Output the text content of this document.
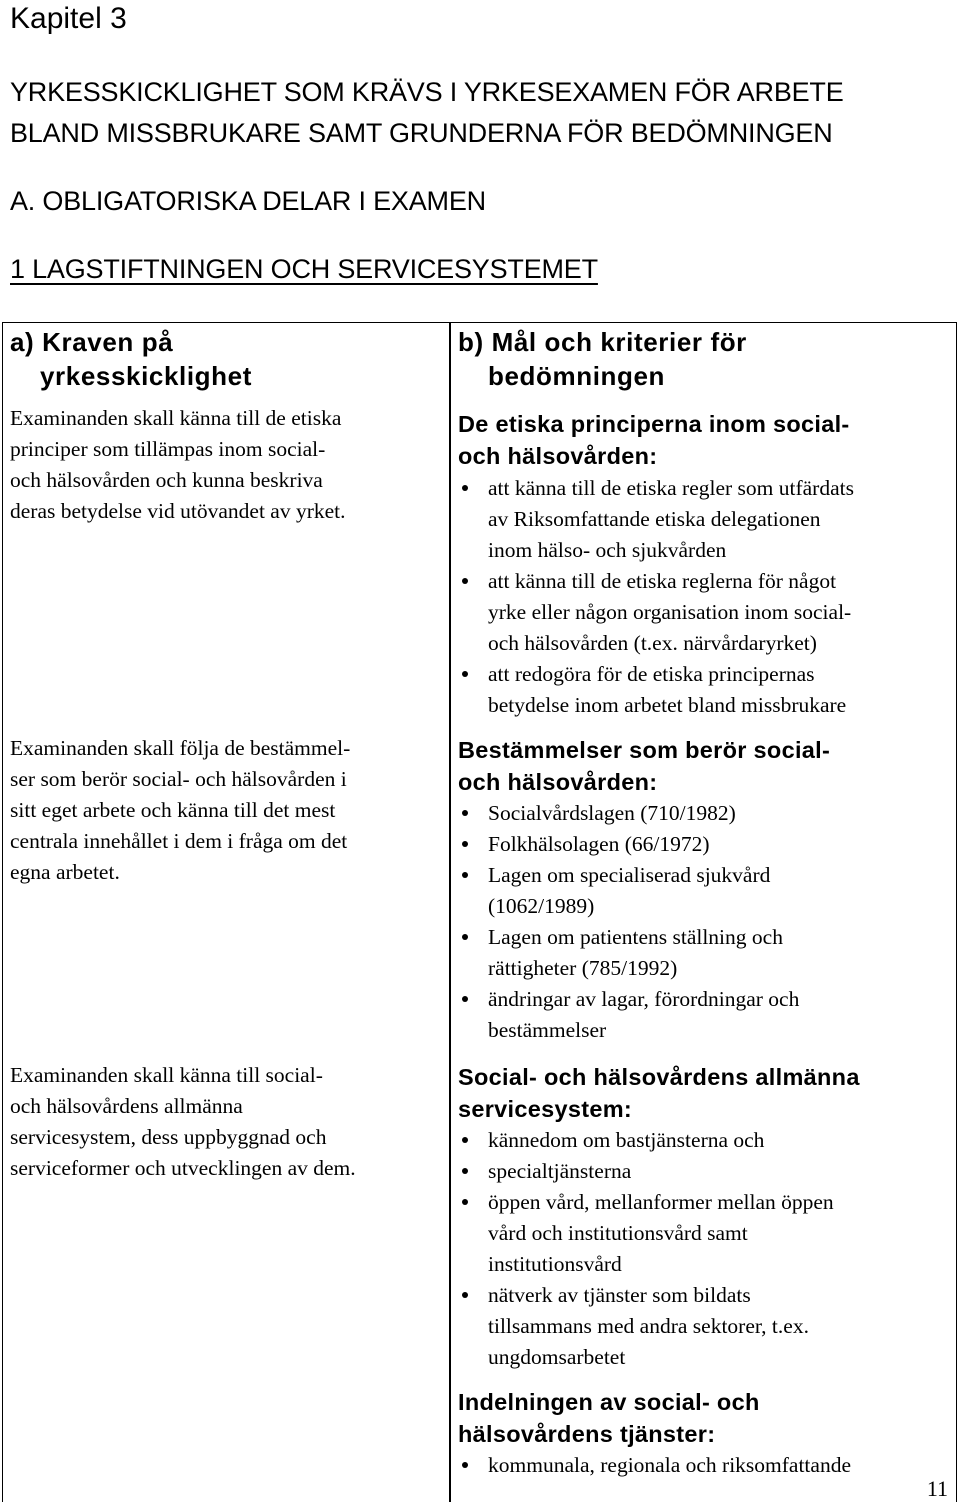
Kapitel 3
YRKESSKICKLIGHET SOM KRÄVS I YRKESEXAMEN FÖR ARBETE
BLAND MISSBRUKARE SAMT GRUNDERNA FÖR BEDÖMNINGEN
A. OBLIGATORISKA DELAR I EXAMEN
1 LAGSTIFTNINGEN OCH SERVICESYSTEMET
a) Kraven på
yrkesskicklighet
Examinanden skall känna till de etiska
principer som tillämpas inom social-
och hälsovården och kunna beskriva
deras betydelse vid utövandet av yrket.
Examinanden skall följa de bestämmel-
ser som berör social- och hälsovården i
sitt eget arbete och känna till det mest
centrala innehållet i dem i fråga om det
egna arbetet.
Examinanden skall känna till social-
och hälsovårdens allmänna
servicesystem, dess uppbyggnad och
serviceformer och utvecklingen av dem.
b) Mål och kriterier för
bedömningen
De etiska principerna inom social-
och hälsovården:
att känna till de etiska regler som utfärdats
av Riksomfattande etiska delegationen
inom hälso- och sjukvården
att känna till de etiska reglerna för något
yrke eller någon organisation inom social-
och hälsovården (t.ex. närvårdaryrket)
att redogöra för de etiska principernas
betydelse inom arbetet bland missbrukare
Bestämmelser som berör social-
och hälsovården:
Socialvårdslagen (710/1982)
Folkhälsolagen (66/1972)
Lagen om specialiserad sjukvård
(1062/1989)
Lagen om patientens ställning och
rättigheter (785/1992)
ändringar av lagar, förordningar och
bestämmelser
Social- och hälsovårdens allmänna
servicesystem:
kännedom om bastjänsterna och
specialtjänsterna
öppen vård, mellanformer mellan öppen
vård och institutionsvård samt
institutionsvård
nätverk av tjänster som bildats
tillsammans med andra sektorer, t.ex.
ungdomsarbetet
Indelningen av social- och
hälsovårdens tjänster:
kommunala, regionala och riksomfattande
11
